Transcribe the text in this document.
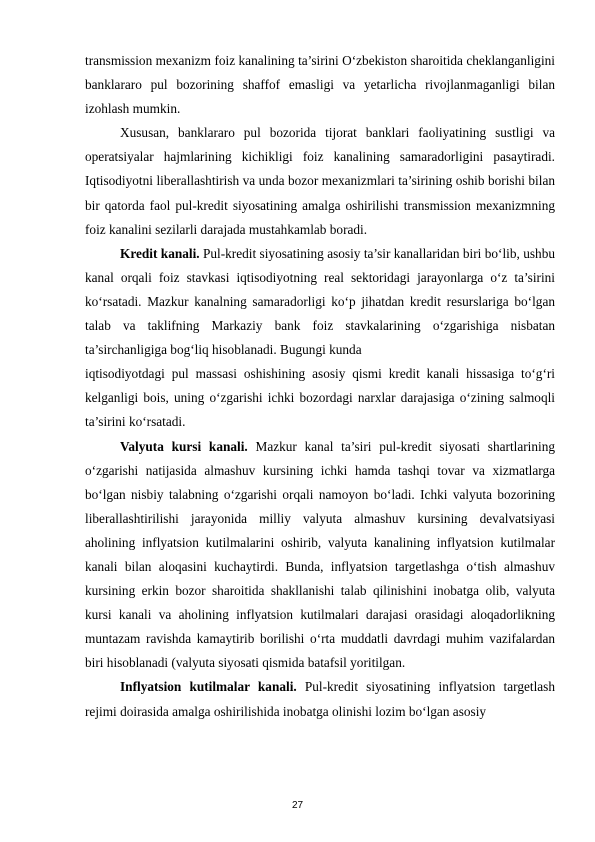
transmission mexanizm foiz kanalining ta’sirini O‘zbekiston sharoitida cheklanganligini banklararo pul bozorining shaffof emasligi va yetarlicha rivojlanmaganligi bilan izohlash mumkin.

Xususan, banklararo pul bozorida tijorat banklari faoliyatining sustligi va operatsiyalar hajmlarining kichikligi foiz kanalining samaradorligini pasaytiradi. Iqtisodiyotni liberallashtirish va unda bozor mexanizmlari ta’sirining oshib borishi bilan bir qatorda faol pul-kredit siyosatining amalga oshirilishi transmission mexanizmning foiz kanalini sezilarli darajada mustahkamlab boradi.

Kredit kanali. Pul-kredit siyosatining asosiy ta’sir kanallaridan biri bo‘lib, ushbu kanal orqali foiz stavkasi iqtisodiyotning real sektoridagi jarayonlarga o‘z ta’sirini ko‘rsatadi. Mazkur kanalning samaradorligi ko‘p jihatdan kredit resurslariga bo‘lgan talab va taklifning Markaziy bank foiz stavkalarining o‘zgarishiga nisbatan ta’sirchanligiga bog‘liq hisoblanadi. Bugungi kunda

iqtisodiyotdagi pul massasi oshishining asosiy qismi kredit kanali hissasiga to‘g‘ri kelganligi bois, uning o‘zgarishi ichki bozordagi narxlar darajasiga o‘zining salmoqli ta’sirini ko‘rsatadi.

Valyuta kursi kanali. Mazkur kanal ta’siri pul-kredit siyosati shartlarining o‘zgarishi natijasida almashuv kursining ichki hamda tashqi tovar va xizmatlarga bo‘lgan nisbiy talabning o‘zgarishi orqali namoyon bo‘ladi. Ichki valyuta bozorining liberallashtirilishi jarayonida milliy valyuta almashuv kursining devalvatsiyasi aholining inflyatsion kutilmalarini oshirib, valyuta kanalining inflyatsion kutilmalar kanali bilan aloqasini kuchaytirdi. Bunda, inflyatsion targetlashga o‘tish almashuv kursining erkin bozor sharoitida shakllanishi talab qilinishini inobatga olib, valyuta kursi kanali va aholining inflyatsion kutilmalari darajasi orasidagi aloqadorlikning muntazam ravishda kamaytirib borilishi o‘rta muddatli davrdagi muhim vazifalardan biri hisoblanadi (valyuta siyosati qismida batafsil yoritilgan.

Inflyatsion kutilmalar kanali. Pul-kredit siyosatining inflyatsion targetlash rejimi doirasida amalga oshirilishida inobatga olinishi lozim bo‘lgan asosiy

27
